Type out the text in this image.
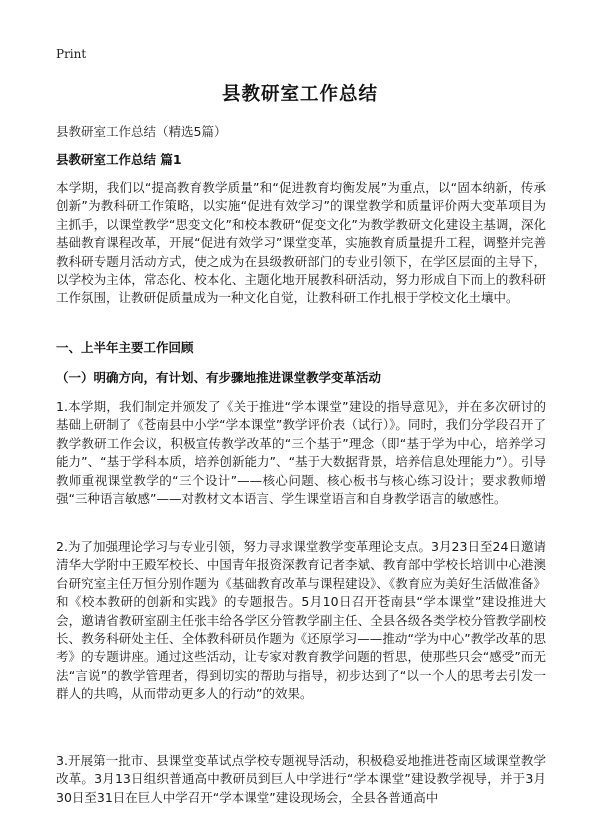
Print
县教研室工作总结
县教研室工作总结（精选5篇）
县教研室工作总结 篇1

本学期，我们以“提高教育教学质量”和“促进教育均衡发展”为重点，以“固本纳新，传承创新”为教科研工作策略，以实施“促进有效学习”的课堂教学和质量评价两大变革项目为主抓手，以课堂教学“思变文化”和校本教研“促变文化”为教学教研文化建设主基调，深化基础教育课程改革，开展“促进有效学习”课堂变革，实施教育质量提升工程，调整并完善教科研专题月活动方式，使之成为在县级教研部门的专业引领下，在学区层面的主导下，以学校为主体，常态化、校本化、主题化地开展教科研活动，努力形成自下而上的教科研工作氛围，让教研促质量成为一种文化自觉，让教科研工作扎根于学校文化土壤中。

一、上半年主要工作回顾
（一）明确方向，有计划、有步骤地推进课堂教学变革活动

1.本学期，我们制定并颁发了《关于推进“学本课堂”建设的指导意见》，并在多次研讨的基础上研制了《苍南县中小学“学本课堂”教学评价表（试行）》。同时，我们分学段召开了教学教研工作会议，积极宣传教学改革的“三个基于”理念（即“基于学为中心，培养学习能力”、“基于学科本质，培养创新能力”、“基于大数据背景，培养信息处理能力”）。引导教师重视课堂教学的“三个设计”——核心问题、核心板书与核心练习设计；要求教师增强“三种语言敏感”——对教材文本语言、学生课堂语言和自身教学语言的敏感性。

2.为了加强理论学习与专业引领，努力寻求课堂教学变革理论支点。3月23日至24日邀请清华大学附中王殿军校长、中国青年报资深教育记者李斌、教育部中学校长培训中心港澳台研究室主任万恒分别作题为《基础教育改革与课程建设》、《教育应为美好生活做准备》和《校本教研的创新和实践》的专题报告。5月10日召开苍南县“学本课堂”建设推进大会，邀请省教研室副主任张丰给各学区分管教学副主任、全县各级各类学校分管教学副校长、教务科研处主任、全体教科研员作题为《还原学习——推动“学为中心”教学改革的思考》的专题讲座。通过这些活动，让专家对教育教学问题的哲思，使那些只会“感受”而无法“言说”的教学管理者，得到切实的帮助与指导，初步达到了“以一个人的思考去引发一群人的共鸣，从而带动更多人的行动”的效果。

3.开展第一批市、县课堂变革试点学校专题视导活动，积极稳妥地推进苍南区域课堂教学改革。3月13日组织普通高中教研员到巨人中学进行“学本课堂”建设教学视导，并于3月30日至31日在巨人中学召开“学本课堂”建设现场会，全县各普通高中
